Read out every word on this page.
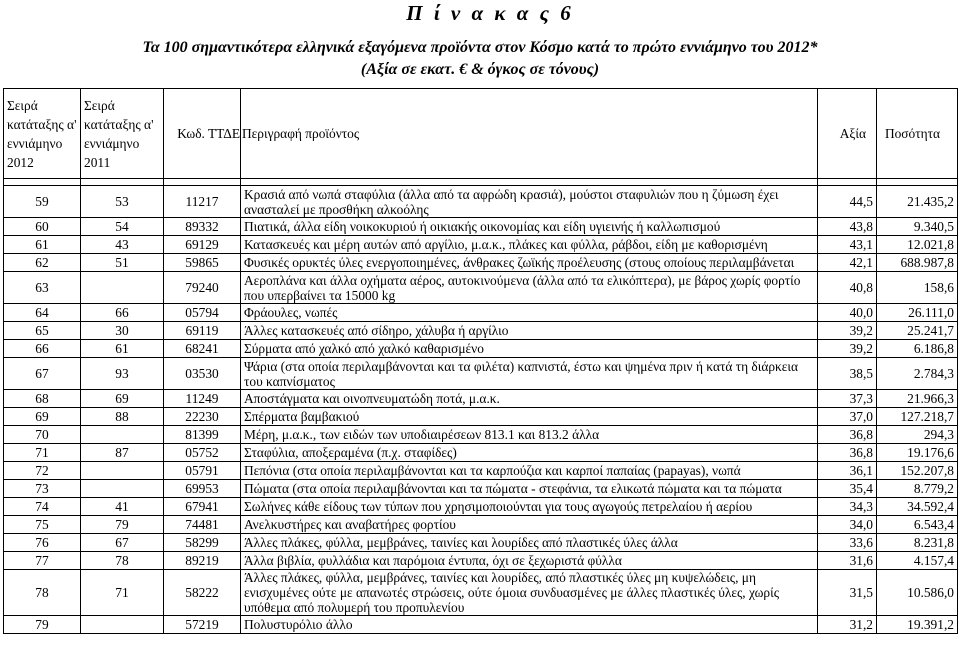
Π ί ν α κ α ς 6
Τα 100 σημαντικότερα ελληνικά εξαγόμενα προϊόντα στον Κόσμο κατά το πρώτο εννιάμηνο του 2012*
(Αξία σε εκατ. € & όγκος σε τόνους)
Σειρά κατάταξης α' εννιάμηνο 2012	Σειρά κατάταξης α' εννιάμηνο 2011	Κωδ. ΤΤΔΕ	Περιγραφή προϊόντος	Αξία	Ποσότητα

59	53	11217	Κρασιά από νωπά σταφύλια (άλλα από τα αφρώδη κρασιά), μούστοι σταφυλιών που η ζύμωση έχει ανασταλεί με προσθήκη αλκοόλης	44,5	21.435,2
60	54	89332	Πιατικά, άλλα είδη νοικοκυριού ή οικιακής οικονομίας και είδη υγιεινής ή καλλωπισμού	43,8	9.340,5
61	43	69129	Κατασκευές και μέρη αυτών από αργίλιο, μ.α.κ., πλάκες και φύλλα, ράβδοι, είδη με καθορισμένη	43,1	12.021,8
62	51	59865	Φυσικές ορυκτές ύλες ενεργοποιημένες, άνθρακες ζωϊκής προέλευσης (στους οποίους περιλαμβάνεται	42,1	688.987,8
63		79240	Αεροπλάνα και άλλα οχήματα αέρος, αυτοκινούμενα (άλλα από τα ελικόπτερα), με βάρος χωρίς φορτίο που υπερβαίνει τα 15000 kg	40,8	158,6
64	66	05794	Φράουλες, νωπές	40,0	26.111,0
65	30	69119	Άλλες κατασκευές από σίδηρο, χάλυβα ή αργίλιο	39,2	25.241,7
66	61	68241	Σύρματα από χαλκό από χαλκό καθαρισμένο	39,2	6.186,8
67	93	03530	Ψάρια (στα οποία περιλαμβάνονται και τα φιλέτα) καπνιστά, έστω και ψημένα πριν ή κατά τη διάρκεια του καπνίσματος	38,5	2.784,3
68	69	11249	Αποστάγματα και οινοπνευματώδη ποτά, μ.α.κ.	37,3	21.966,3
69	88	22230	Σπέρματα βαμβακιού	37,0	127.218,7
70		81399	Μέρη, μ.α.κ., των ειδών των υποδιαιρέσεων 813.1 και 813.2 άλλα	36,8	294,3
71	87	05752	Σταφύλια, αποξεραμένα (π.χ. σταφίδες)	36,8	19.176,6
72		05791	Πεπόνια (στα οποία περιλαμβάνονται και τα καρπούζια και καρποί παπαίας (papayas), νωπά	36,1	152.207,8
73		69953	Πώματα (στα οποία περιλαμβάνονται και τα πώματα - στεφάνια, τα ελικωτά πώματα και τα πώματα	35,4	8.779,2
74	41	67941	Σωλήνες κάθε είδους των τύπων που χρησιμοποιούνται για τους αγωγούς πετρελαίου ή αερίου	34,3	34.592,4
75	79	74481	Ανελκυστήρες και αναβατήρες φορτίου	34,0	6.543,4
76	67	58299	Άλλες πλάκες, φύλλα, μεμβράνες, ταινίες και λουρίδες από πλαστικές ύλες άλλα	33,6	8.231,8
77	78	89219	Άλλα βιβλία, φυλλάδια και παρόμοια έντυπα, όχι σε ξεχωριστά φύλλα	31,6	4.157,4
78	71	58222	Άλλες πλάκες, φύλλα, μεμβράνες, ταινίες και λουρίδες, από πλαστικές ύλες μη κυψελώδεις, μη ενισχυμένες ούτε με απανωτές στρώσεις, ούτε όμοια συνδυασμένες με άλλες πλαστικές ύλες, χωρίς υπόθεμα από πολυμερή του προπυλενίου	31,5	10.586,0
79		57219	Πολυστυρόλιο άλλο	31,2	19.391,2
